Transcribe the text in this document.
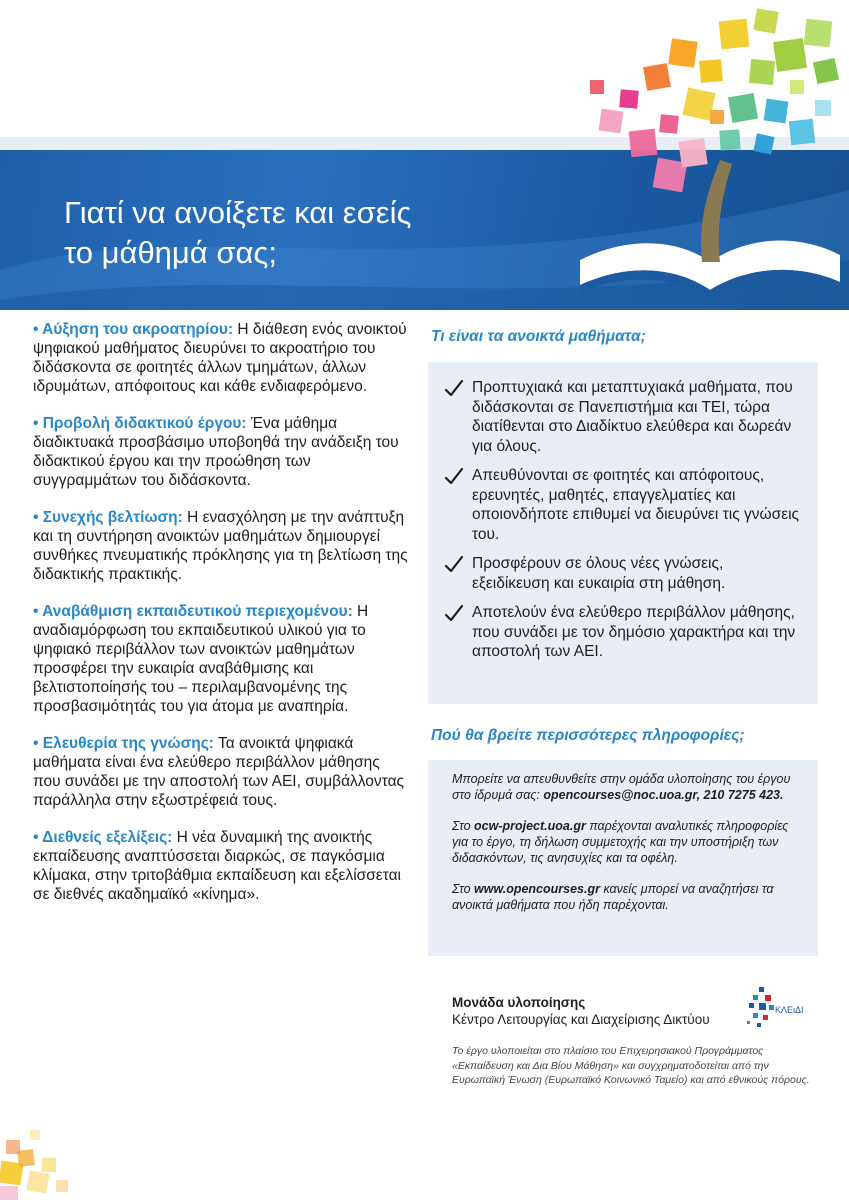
Γιατί να ανοίξετε και εσείς
το μάθημά σας;
• Αύξηση του ακροατηρίου: Η διάθεση ενός ανοικτού ψηφιακού μαθήματος διευρύνει το ακροατήριο του διδάσκοντα σε φοιτητές άλλων τμημάτων, άλλων ιδρυμάτων, απόφοιτους και κάθε ενδιαφερόμενο.
• Προβολή διδακτικού έργου: Ένα μάθημα διαδικτυακά προσβάσιμο υποβοηθά την ανάδειξη του διδακτικού έργου και την προώθηση των συγγραμμάτων του διδάσκοντα.
• Συνεχής βελτίωση: Η ενασχόληση με την ανάπτυξη και τη συντήρηση ανοικτών μαθημάτων δημιουργεί συνθήκες πνευματικής πρόκλησης για τη βελτίωση της διδακτικής πρακτικής.
• Αναβάθμιση εκπαιδευτικού περιεχομένου: Η αναδιαμόρφωση του εκπαιδευτικού υλικού για το ψηφιακό περιβάλλον των ανοικτών μαθημάτων προσφέρει την ευκαιρία αναβάθμισης και βελτιστοποίησής του – περιλαμβανομένης της προσβασιμότητάς του για άτομα με αναπηρία.
• Ελευθερία της γνώσης: Τα ανοικτά ψηφιακά μαθήματα είναι ένα ελεύθερο περιβάλλον μάθησης που συνάδει με την αποστολή των ΑΕΙ, συμβάλλοντας παράλληλα στην εξωστρέφειά τους.
• Διεθνείς εξελίξεις: Η νέα δυναμική της ανοικτής εκπαίδευσης αναπτύσσεται διαρκώς, σε παγκόσμια κλίμακα, στην τριτοβάθμια εκπαίδευση και εξελίσσεται σε διεθνές ακαδημαϊκό «κίνημα».
Τι είναι τα ανοικτά μαθήματα;
Προπτυχιακά και μεταπτυχιακά μαθήματα, που διδάσκονται σε Πανεπιστήμια και ΤΕΙ, τώρα διατίθενται στο Διαδίκτυο ελεύθερα και δωρεάν για όλους.
Απευθύνονται σε φοιτητές και απόφοιτους, ερευνητές, μαθητές, επαγγελματίες και οποιονδήποτε επιθυμεί να διευρύνει τις γνώσεις του.
Προσφέρουν σε όλους νέες γνώσεις, εξειδίκευση και ευκαιρία στη μάθηση.
Αποτελούν ένα ελεύθερο περιβάλλον μάθησης, που συνάδει με τον δημόσιο χαρακτήρα και την αποστολή των ΑΕΙ.
Πού θα βρείτε περισσότερες πληροφορίες;

Μπορείτε να απευθυνθείτε στην ομάδα υλοποίησης του έργου στο ίδρυμά σας: opencourses@noc.uoa.gr, 210 7275 423.

Στο ocw-project.uoa.gr παρέχονται αναλυτικές πληροφορίες για το έργο, τη δήλωση συμμετοχής και την υποστήριξη των διδασκόντων, τις ανησυχίες και τα οφέλη.

Στο www.opencourses.gr κανείς μπορεί να αναζητήσει τα ανοικτά μαθήματα που ήδη παρέχονται.

Μονάδα υλοποίησης
Κέντρο Λειτουργίας και Διαχείρισης Δικτύου
ΚΛΕιΔΙ
Το έργο υλοποιείται στο πλαίσιο του Επιχειρησιακού Προγράμματος «Εκπαίδευση και Δια Βίου Μάθηση» και συγχρηματοδοτείται από την Ευρωπαϊκή Ένωση (Ευρωπαϊκό Κοινωνικό Ταμείο) και από εθνικούς πόρους.
